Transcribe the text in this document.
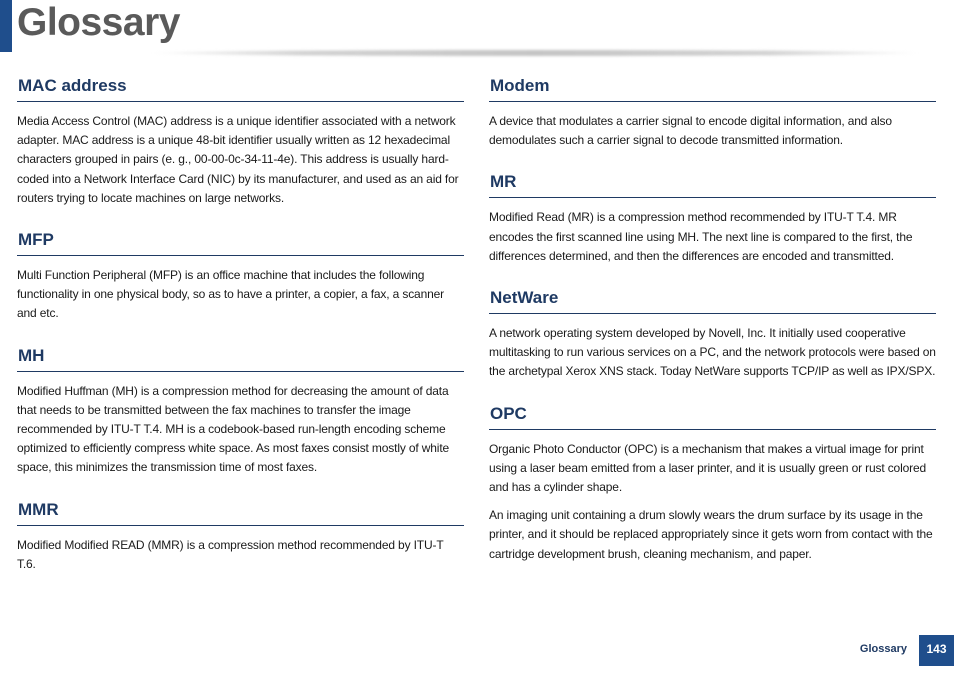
Glossary
MAC address

Media Access Control (MAC) address is a unique identifier associated with a network adapter. MAC address is a unique 48-bit identifier usually written as 12 hexadecimal characters grouped in pairs (e. g., 00-00-0c-34-11-4e). This address is usually hard-coded into a Network Interface Card (NIC) by its manufacturer, and used as an aid for routers trying to locate machines on large networks.

MFP

Multi Function Peripheral (MFP) is an office machine that includes the following functionality in one physical body, so as to have a printer, a copier, a fax, a scanner and etc.

MH

Modified Huffman (MH) is a compression method for decreasing the amount of data that needs to be transmitted between the fax machines to transfer the image recommended by ITU-T T.4. MH is a codebook-based run-length encoding scheme optimized to efficiently compress white space. As most faxes consist mostly of white space, this minimizes the transmission time of most faxes.

MMR

Modified Modified READ (MMR) is a compression method recommended by ITU-T T.6.

Modem

A device that modulates a carrier signal to encode digital information, and also demodulates such a carrier signal to decode transmitted information.

MR

Modified Read (MR) is a compression method recommended by ITU-T T.4. MR encodes the first scanned line using MH. The next line is compared to the first, the differences determined, and then the differences are encoded and transmitted.

NetWare

A network operating system developed by Novell, Inc. It initially used cooperative multitasking to run various services on a PC, and the network protocols were based on the archetypal Xerox XNS stack. Today NetWare supports TCP/IP as well as IPX/SPX.

OPC

Organic Photo Conductor (OPC) is a mechanism that makes a virtual image for print using a laser beam emitted from a laser printer, and it is usually green or rust colored and has a cylinder shape.

An imaging unit containing a drum slowly wears the drum surface by its usage in the printer, and it should be replaced appropriately since it gets worn from contact with the cartridge development brush, cleaning mechanism, and paper.

Glossary	143
